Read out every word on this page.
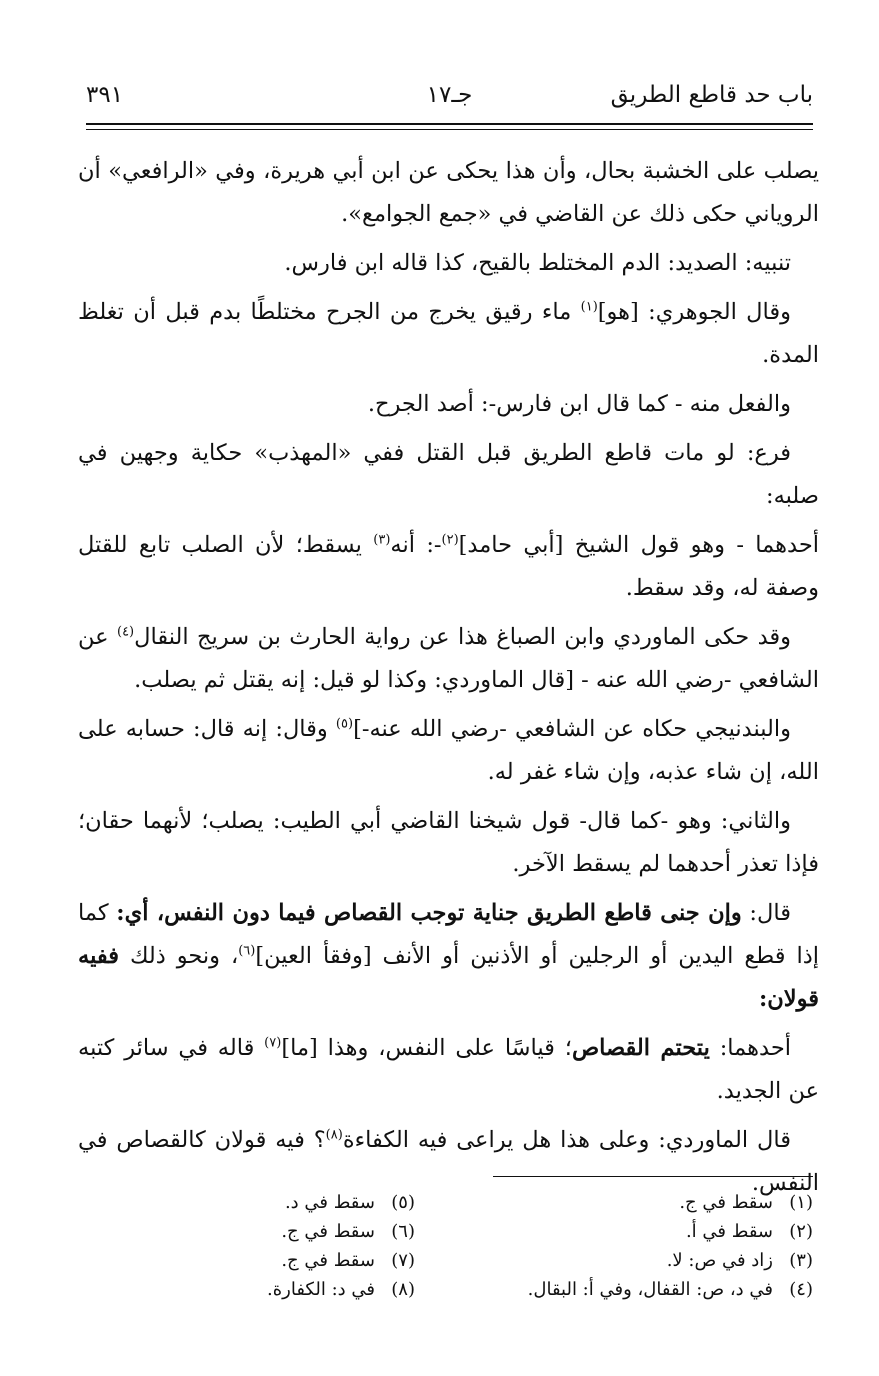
باب حد قاطع الطريق
جـ١٧
٣٩١

يصلب على الخشبة بحال، وأن هذا يحكى عن ابن أبي هريرة، وفي «الرافعي» أن الروياني حكى ذلك عن القاضي في «جمع الجوامع».

تنبيه: الصديد: الدم المختلط بالقيح، كذا قاله ابن فارس.

وقال الجوهري: [هو]$^{(١)}$ ماء رقيق يخرج من الجرح مختلطًا بدم قبل أن تغلظ المدة.

والفعل منه - كما قال ابن فارس-: أصد الجرح.

فرع: لو مات قاطع الطريق قبل القتل ففي «المهذب» حكاية وجهين في صلبه:

أحدهما - وهو قول الشيخ [أبي حامد]$^{(٢)}$-: أنه$^{(٣)}$ يسقط؛ لأن الصلب تابع للقتل وصفة له، وقد سقط.

وقد حكى الماوردي وابن الصباغ هذا عن رواية الحارث بن سريج النقال$^{(٤)}$ عن الشافعي -رضي الله عنه - [قال الماوردي: وكذا لو قيل: إنه يقتل ثم يصلب.

والبندنيجي حكاه عن الشافعي -رضي الله عنه-]$^{(٥)}$ وقال: إنه قال: حسابه على الله، إن شاء عذبه، وإن شاء غفر له.

والثاني: وهو -كما قال- قول شيخنا القاضي أبي الطيب: يصلب؛ لأنهما حقان؛ فإذا تعذر أحدهما لم يسقط الآخر.

قال: وإن جنى قاطع الطريق جناية توجب القصاص فيما دون النفس، أي: كما إذا قطع اليدين أو الرجلين أو الأذنين أو الأنف [وفقأ العين]$^{(٦)}$، ونحو ذلك ففيه قولان:

أحدهما: يتحتم القصاص؛ قياسًا على النفس، وهذا [ما]$^{(٧)}$ قاله في سائر كتبه عن الجديد.

قال الماوردي: وعلى هذا هل يراعى فيه الكفاءة$^{(٨)}$؟ فيه قولان كالقصاص في النفس.

(١)سقط في ج.
(٢)سقط في أ.
(٣)زاد في ص: لا.
(٤)في د، ص: القفال، وفي أ: البقال.
(٥)سقط في د.
(٦)سقط في ج.
(٧)سقط في ج.
(٨)في د: الكفارة.
